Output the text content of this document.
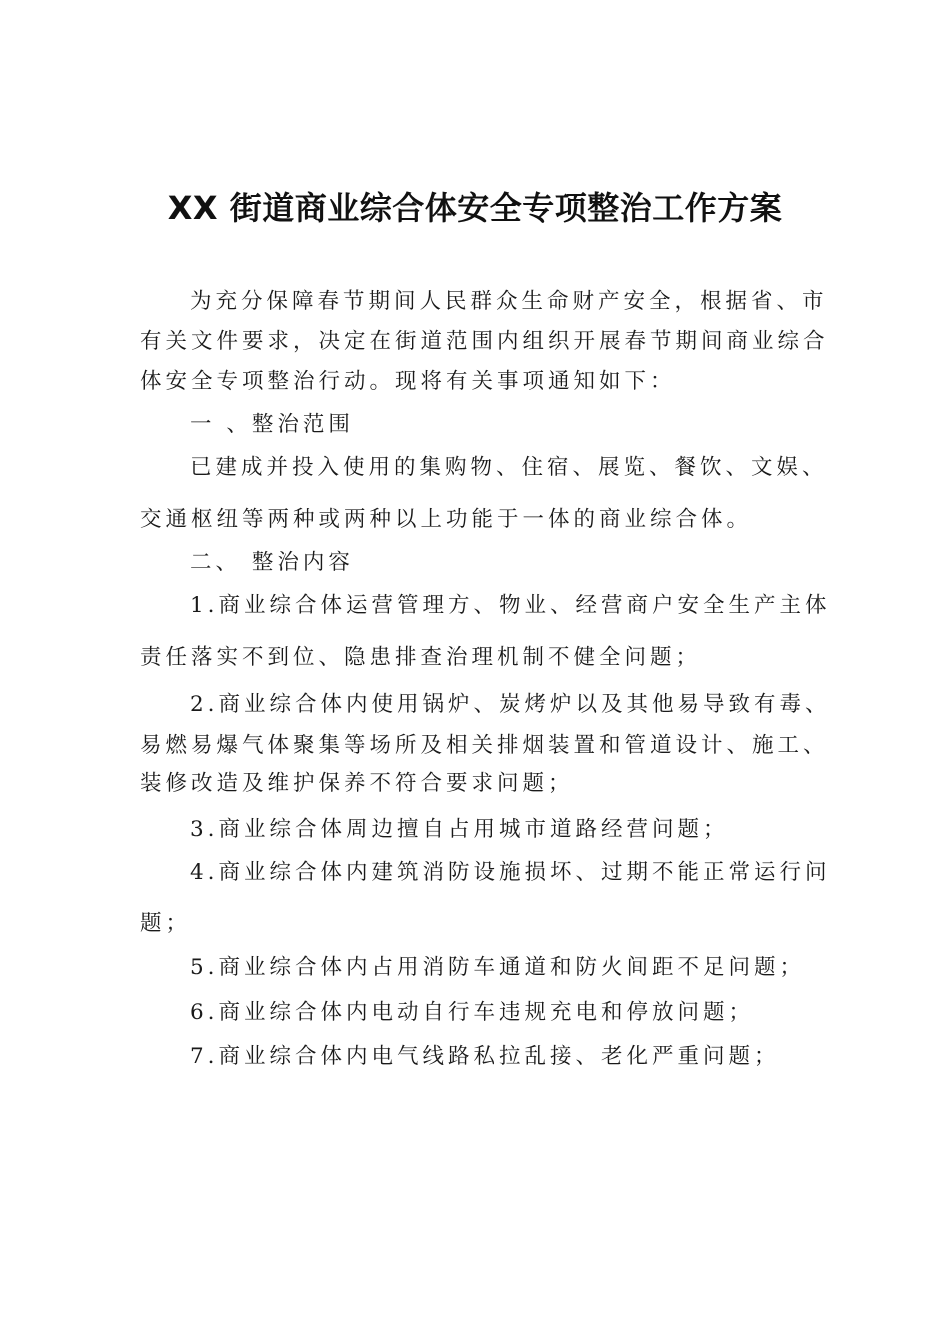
XX 街道商业综合体安全专项整治工作方案
为充分保障春节期间人民群众生命财产安全，根据省、市
有关文件要求，决定在街道范围内组织开展春节期间商业综合
体安全专项整治行动。现将有关事项通知如下：
一 、整治范围
已建成并投入使用的集购物、住宿、展览、餐饮、文娱、
交通枢纽等两种或两种以上功能于一体的商业综合体。
二、 整治内容
1.商业综合体运营管理方、物业、经营商户安全生产主体
责任落实不到位、隐患排查治理机制不健全问题；
2.商业综合体内使用锅炉、炭烤炉以及其他易导致有毒、
易燃易爆气体聚集等场所及相关排烟装置和管道设计、施工、
装修改造及维护保养不符合要求问题；
3.商业综合体周边擅自占用城市道路经营问题；
4.商业综合体内建筑消防设施损坏、过期不能正常运行问
题；
5.商业综合体内占用消防车通道和防火间距不足问题；
6.商业综合体内电动自行车违规充电和停放问题；
7.商业综合体内电气线路私拉乱接、老化严重问题；
